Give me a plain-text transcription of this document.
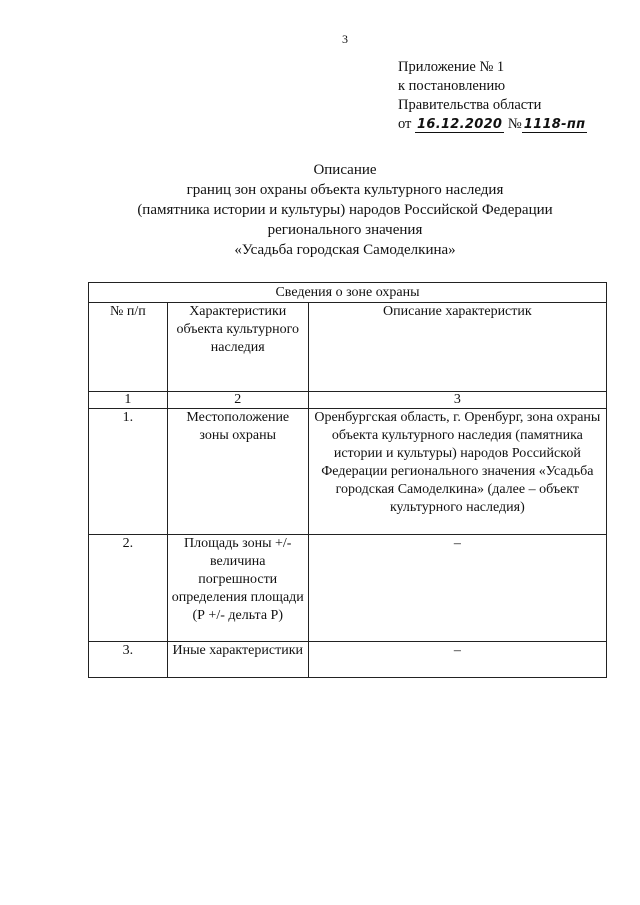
3
Приложение № 1
к постановлению
Правительства области
от 16.12.2020 № 1118-пп
Описание
границ зон охраны объекта культурного наследия
(памятника истории и культуры) народов Российской Федерации
регионального значения
«Усадьба городская Самоделкина»
Сведения о зоне охраны		
№ п/п	Характеристики объекта культурного наследия	Описание характеристик
1	2	3
1.	Местоположение зоны охраны	Оренбургская область, г. Оренбург, зона охраны объекта культурного наследия (памятника истории и культуры) народов Российской Федерации регионального значения «Усадьба городская Самоделкина» (далее – объект культурного наследия)
2.	Площадь зоны +/- величина погрешности определения площади (Р +/- дельта Р)	–
3.	Иные характеристики	–
